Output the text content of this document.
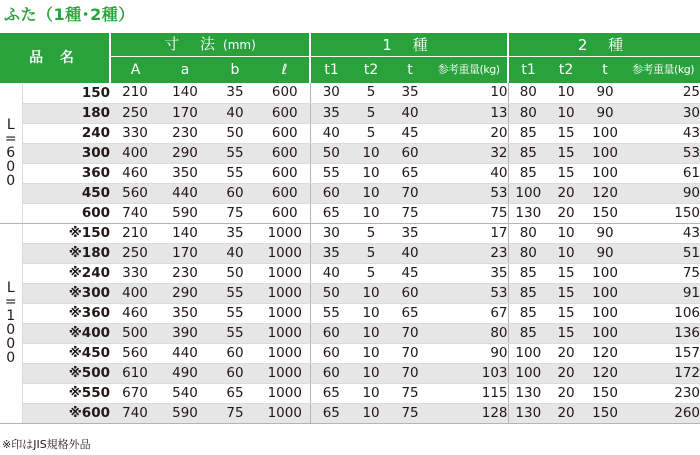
ふた（1種･2種）
品 名		寸 法(mm)				1 種				2 種			
		A	a	b	ℓ	t1	t2	t	参考重量(kg)	t1	t2	t	参考重量(kg)
L=600	150	210	140	35	600	30	5	35	10	80	10	90	25
	180	250	170	40	600	35	5	40	13	80	10	90	30
	240	330	230	50	600	40	5	45	20	85	15	100	43
	300	400	290	55	600	50	10	60	32	85	15	100	53
	360	460	350	55	600	55	10	65	40	85	15	100	61
	450	560	440	60	600	60	10	70	53	100	20	120	90
	600	740	590	75	600	65	10	75	75	130	20	150	150
L=1000	※150	210	140	35	1000	30	5	35	17	80	10	90	43
	※180	250	170	40	1000	35	5	40	23	80	10	90	51
	※240	330	230	50	1000	40	5	45	35	85	15	100	75
	※300	400	290	55	1000	50	10	60	53	85	15	100	91
	※360	460	350	55	1000	55	10	65	67	85	15	100	106
	※400	500	390	55	1000	60	10	70	80	85	15	100	136
	※450	560	440	60	1000	60	10	70	90	100	20	120	157
	※500	610	490	60	1000	60	10	70	103	100	20	120	172
	※550	670	540	65	1000	65	10	75	115	130	20	150	230
	※600	740	590	75	1000	65	10	75	128	130	20	150	260
※印はJIS規格外品
